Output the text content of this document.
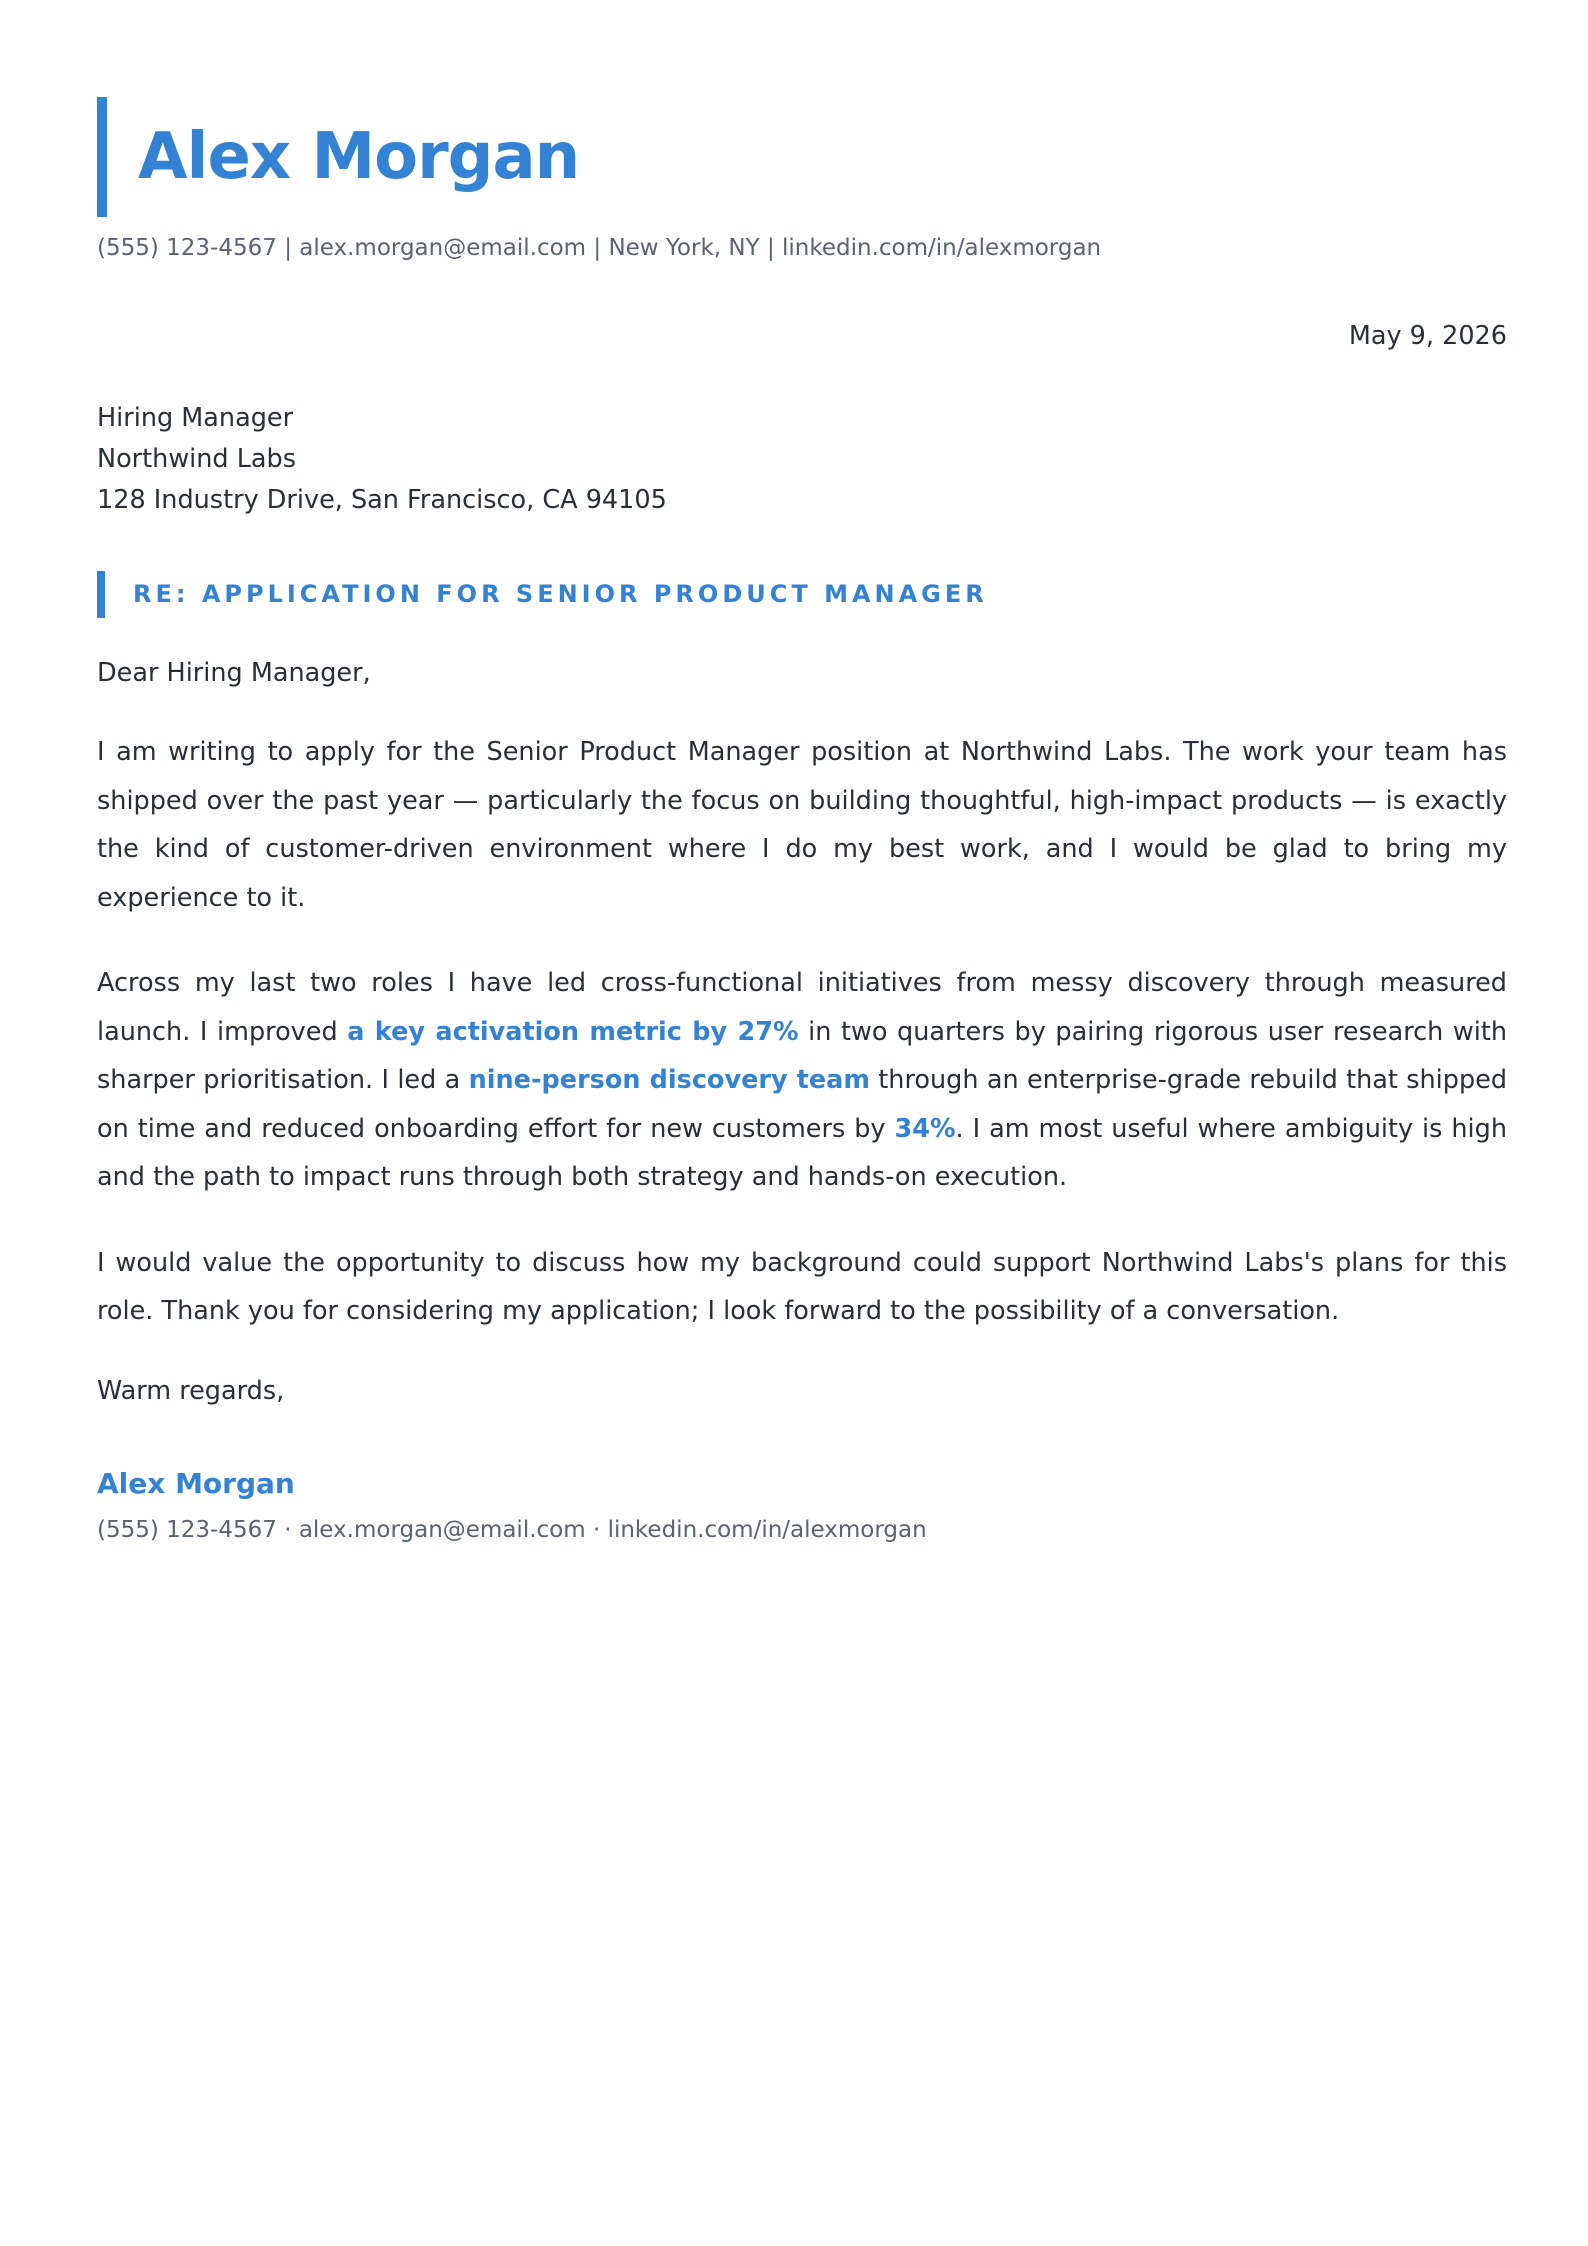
Alex Morgan
(555) 123-4567 | alex.morgan@email.com | New York, NY | linkedin.com/in/alexmorgan
May 9, 2026
Hiring Manager
Northwind Labs
128 Industry Drive, San Francisco, CA 94105
RE: APPLICATION FOR SENIOR PRODUCT MANAGER
Dear Hiring Manager,

I am writing to apply for the Senior Product Manager position at Northwind Labs. The work your team has shipped over the past year — particularly the focus on building thoughtful, high-impact products — is exactly the kind of customer-driven environment where I do my best work, and I would be glad to bring my experience to it.

Across my last two roles I have led cross-functional initiatives from messy discovery through measured launch. I improved a key activation metric by 27% in two quarters by pairing rigorous user research with sharper prioritisation. I led a nine-person discovery team through an enterprise-grade rebuild that shipped on time and reduced onboarding effort for new customers by 34%. I am most useful where ambiguity is high and the path to impact runs through both strategy and hands-on execution.

I would value the opportunity to discuss how my background could support Northwind Labs's plans for this role. Thank you for considering my application; I look forward to the possibility of a conversation.

Warm regards,
Alex Morgan
(555) 123-4567 · alex.morgan@email.com · linkedin.com/in/alexmorgan
